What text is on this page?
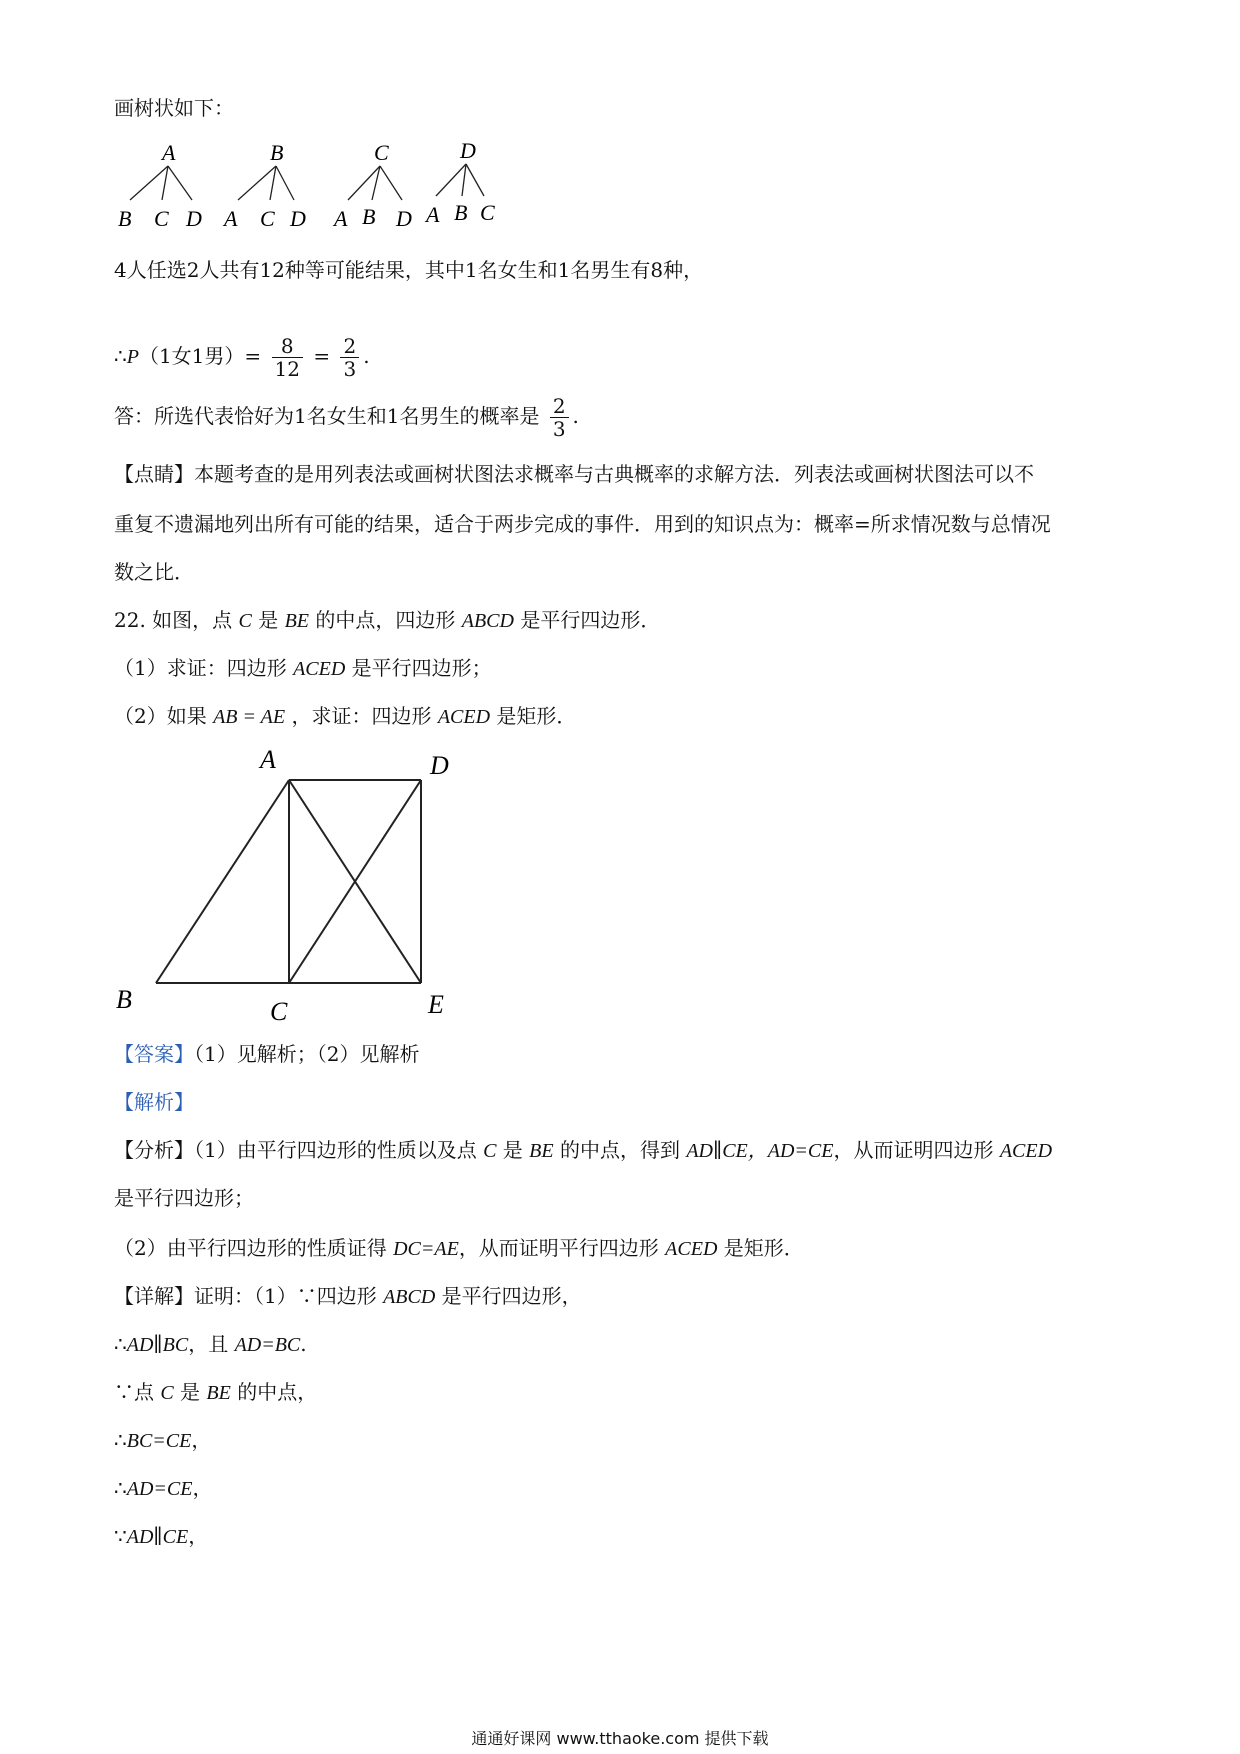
画树状如下：
A
B C D
B
A C D
C
A B D
D
A B C
4人任选2人共有12种等可能结果，其中1名女生和1名男生有8种，
∴P（1女1男）= $\frac{8}{12} = \frac{2}{3}$ .
答：所选代表恰好为1名女生和1名男生的概率是 $\frac{2}{3}$ .
【点睛】本题考查的是用列表法或画树状图法求概率与古典概率的求解方法．列表法或画树状图法可以不
重复不遗漏地列出所有可能的结果，适合于两步完成的事件．用到的知识点为：概率=所求情况数与总情况
数之比．
22. 如图，点 C 是 BE 的中点，四边形 ABCD 是平行四边形．
（1）求证：四边形 ACED 是平行四边形；
（2）如果 AB = AE ，求证：四边形 ACED 是矩形．
A	D
B	C	E
【答案】（1）见解析；（2）见解析
【解析】
【分析】（1）由平行四边形的性质以及点 C 是 BE 的中点，得到 AD∥CE，AD=CE，从而证明四边形 ACED
是平行四边形；
（2）由平行四边形的性质证得 DC=AE，从而证明平行四边形 ACED 是矩形．
【详解】证明：（1）∵四边形 ABCD 是平行四边形，
∴AD∥BC，且 AD=BC.
∵点 C 是 BE 的中点，
∴BC=CE，
∴AD=CE，
∵AD∥CE，
通通好课网 www.tthaoke.com 提供下载
